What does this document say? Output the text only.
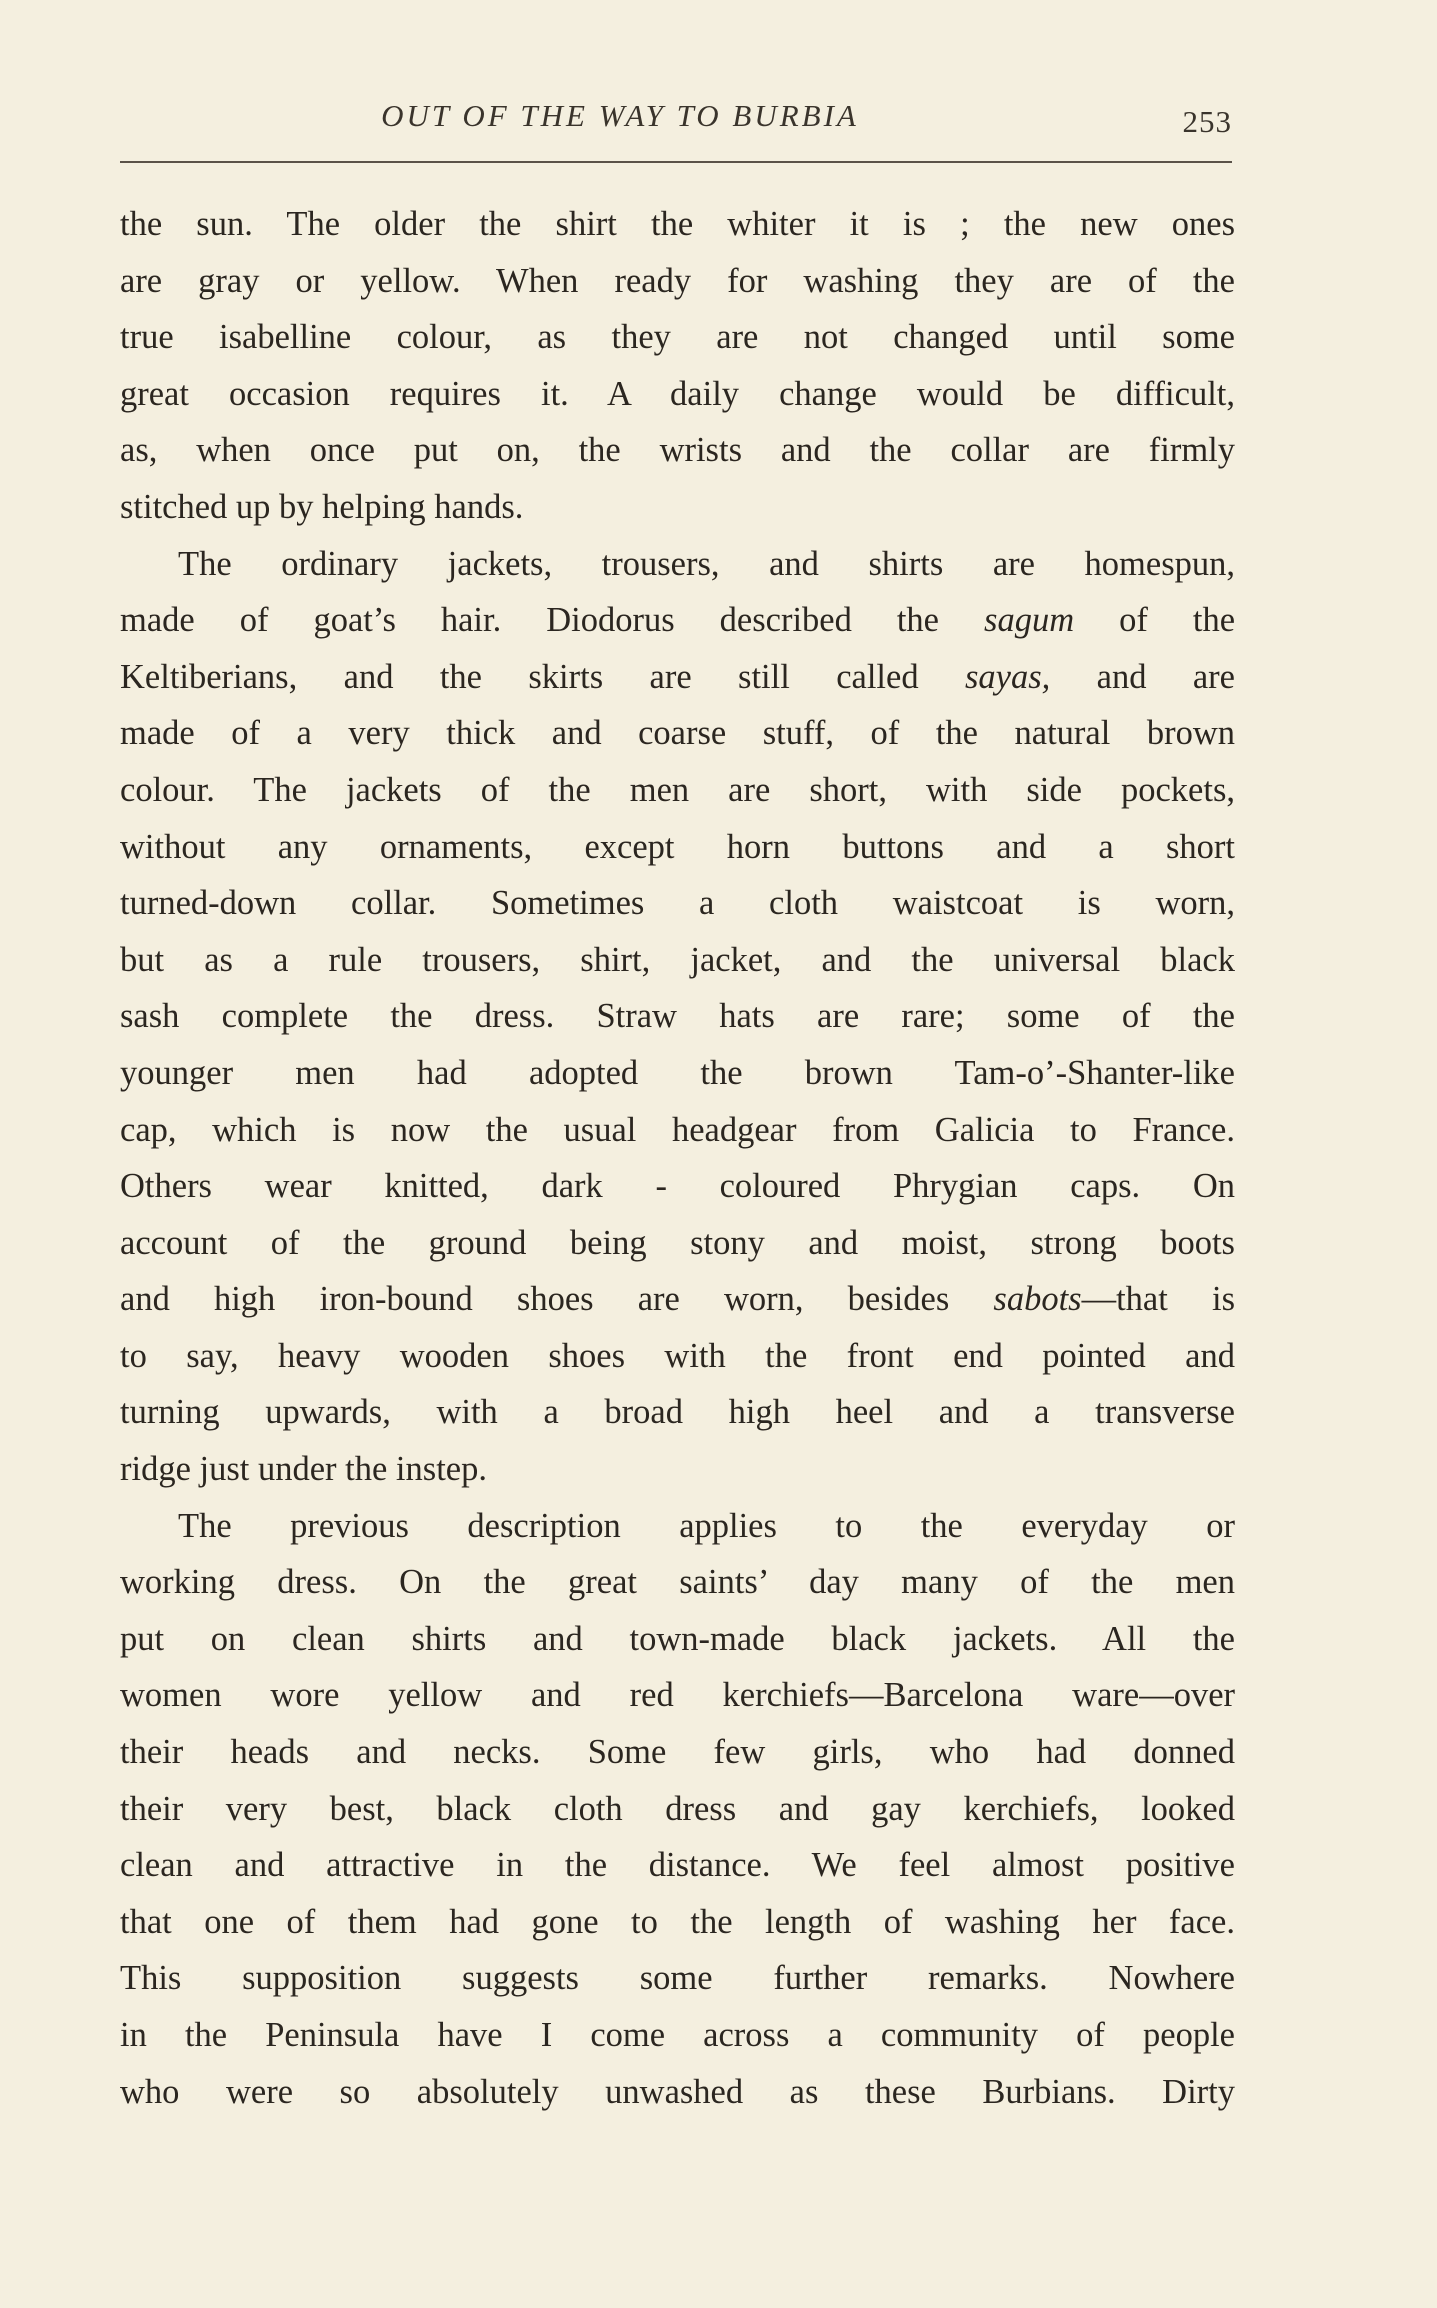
OUT OF THE WAY TO BURBIA	253
the sun. The older the shirt the whiter it is ; the new ones
are gray or yellow. When ready for washing they are of the
true isabelline colour, as they are not changed until some
great occasion requires it. A daily change would be difficult,
as, when once put on, the wrists and the collar are firmly
stitched up by helping hands.
The ordinary jackets, trousers, and shirts are homespun,
made of goat’s hair. Diodorus described the sagum of the
Keltiberians, and the skirts are still called sayas, and are
made of a very thick and coarse stuff, of the natural brown
colour. The jackets of the men are short, with side pockets,
without any ornaments, except horn buttons and a short
turned-down collar. Sometimes a cloth waistcoat is worn,
but as a rule trousers, shirt, jacket, and the universal black
sash complete the dress. Straw hats are rare; some of the
younger men had adopted the brown Tam-o’-Shanter-like
cap, which is now the usual headgear from Galicia to France.
Others wear knitted, dark - coloured Phrygian caps. On
account of the ground being stony and moist, strong boots
and high iron-bound shoes are worn, besides sabots—that is
to say, heavy wooden shoes with the front end pointed and
turning upwards, with a broad high heel and a transverse
ridge just under the instep.
The previous description applies to the everyday or
working dress. On the great saints’ day many of the men
put on clean shirts and town-made black jackets. All the
women wore yellow and red kerchiefs—Barcelona ware—over
their heads and necks. Some few girls, who had donned
their very best, black cloth dress and gay kerchiefs, looked
clean and attractive in the distance. We feel almost positive
that one of them had gone to the length of washing her face.
This supposition suggests some further remarks. Nowhere
in the Peninsula have I come across a community of people
who were so absolutely unwashed as these Burbians. Dirty
